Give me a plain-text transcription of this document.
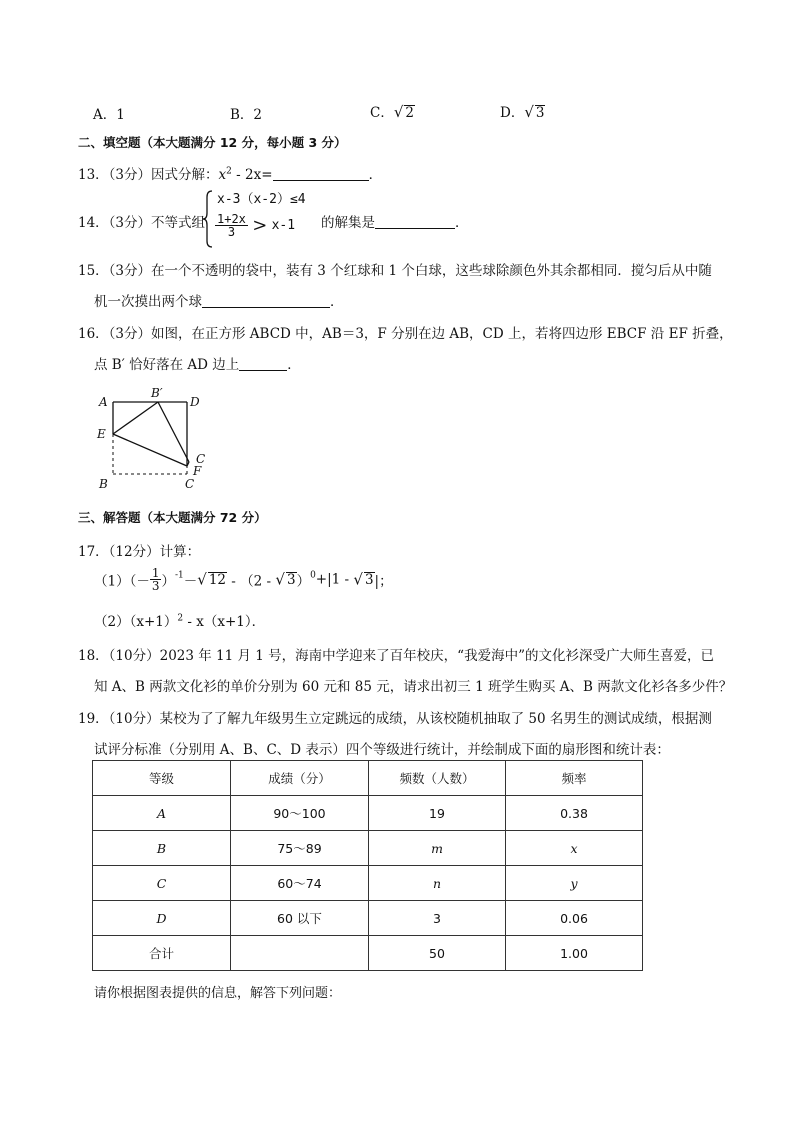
A．1	B．2	C．√ 2	D．√ 3
二、填空题（本大题满分 12 分，每小题 3 分）
13．（3分）因式分解：$x^2 - 2x=$	．
14．（3分）不等式组
x-3（x-2）≤4
$\frac{1+2x}{3} > x-1$ 的解集是	．
15．（3分）在一个不透明的袋中，装有 3 个红球和 1 个白球，这些球除颜色外其余都相同．搅匀后从中随
机一次摸出两个球	．
16．（3分）如图，在正方形 ABCD 中，AB＝3，F 分别在边 AB，CD 上，若将四边形 EBCF 沿 EF 折叠，
点 B′ 恰好落在 AD 边上	．
A
B′
D
E
C
F
B	C
三、解答题（本大题满分 72 分）
17．（12分）计算：
$(1)(- \frac{1}{3} )^{-1}-√$ 12 - （2 - √ 3）$^0$+|1 - √ 3|；
$(2)(x+1)^2 - x(x+1)$．
18．（10分）2023 年 11 月 1 号，海南中学迎来了百年校庆，“我爱海中”的文化衫深受广大师生喜爱，已
知 A、B 两款文化衫的单价分别为 60 元和 85 元，请求出初三 1 班学生购买 A、B 两款文化衫各多少件？
19．（10分）某校为了了解九年级男生立定跳远的成绩，从该校随机抽取了 50 名男生的测试成绩，根据测
试评分标准（分别用 A、B、C、D 表示）四个等级进行统计，并绘制成下面的扇形图和统计表：
等级	成绩（分）	频数（人数）	频率
A	90～100	19	0.38
B	75～89	m	x
C	60～74	n	y
D	60 以下	3	0.06
合计		50	1.00
请你根据图表提供的信息，解答下列问题：
